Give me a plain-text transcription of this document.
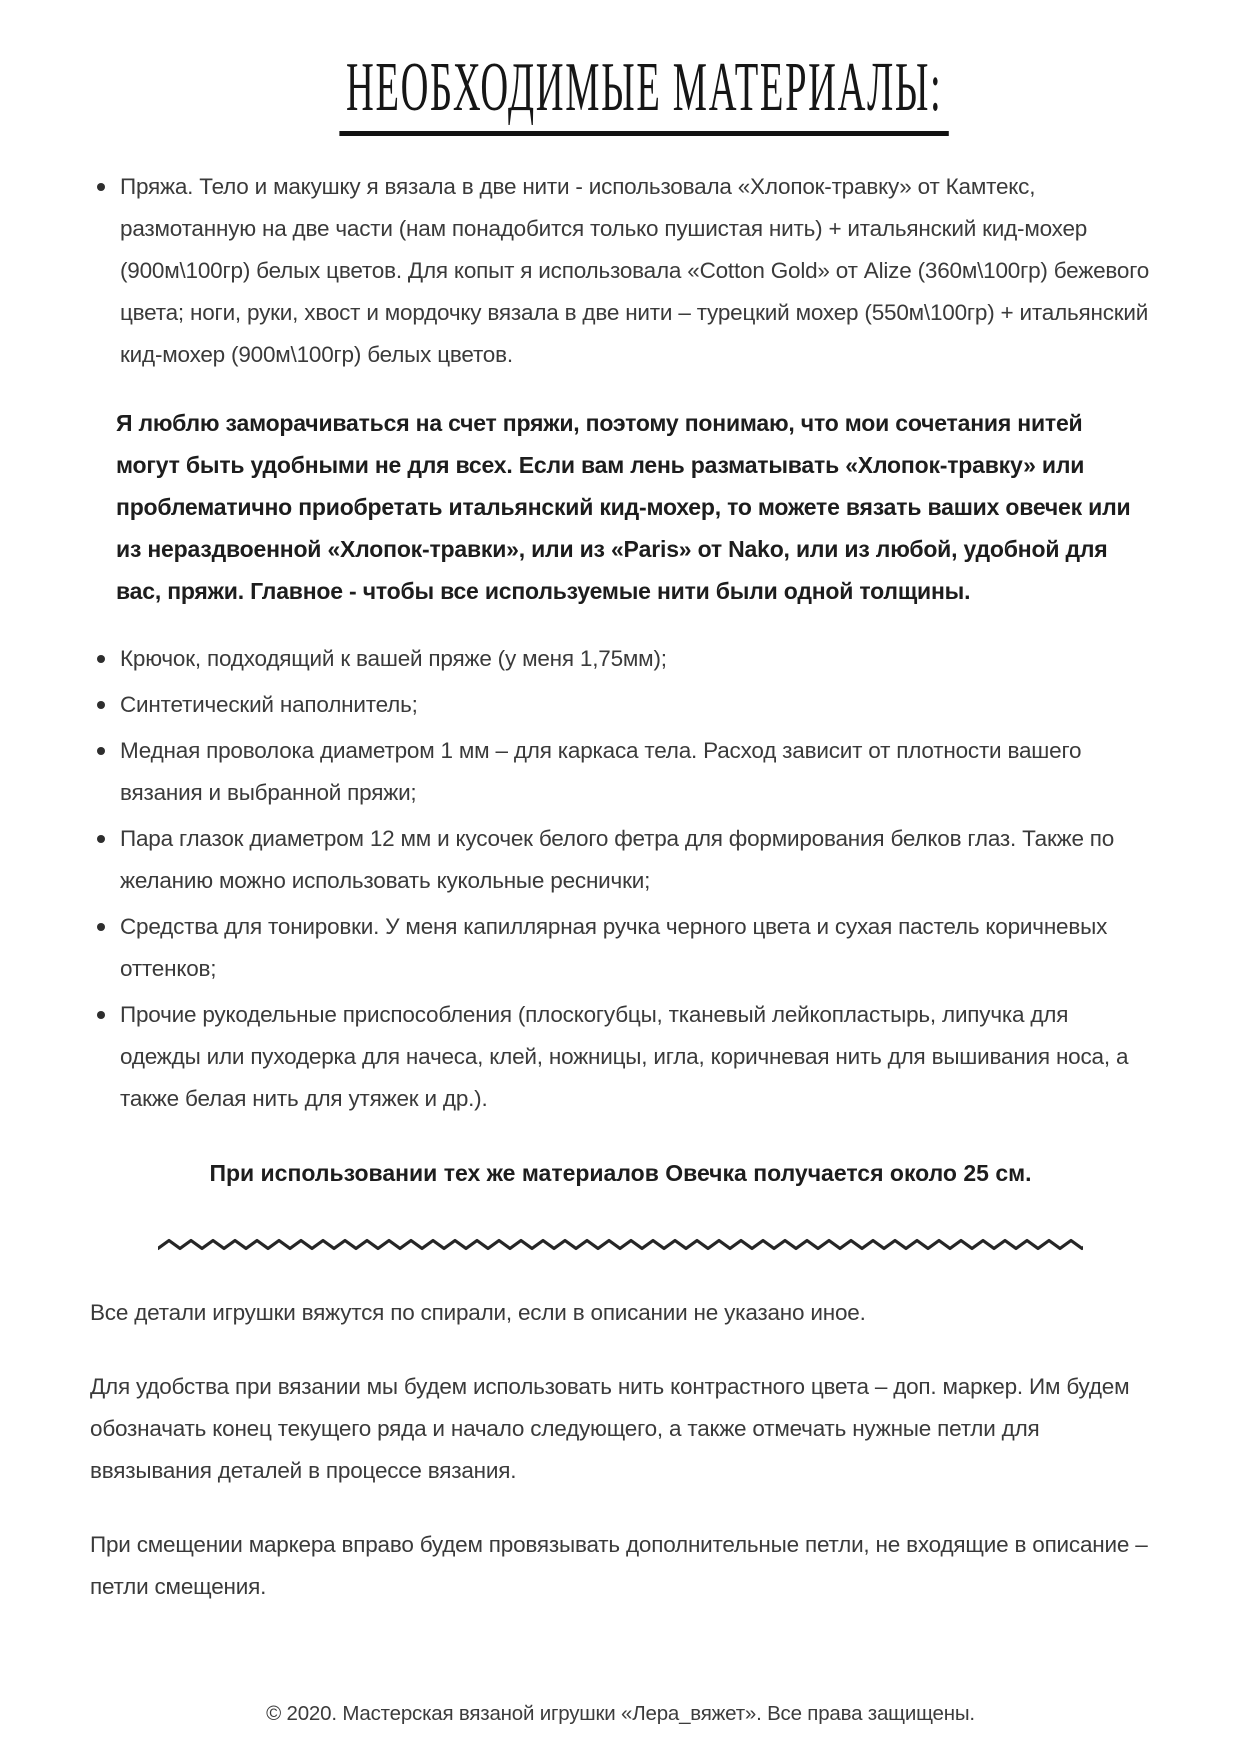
НЕОБХОДИМЫЕ МАТЕРИАЛЫ:
Пряжа. Тело и макушку я вязала в две нити - использовала «Хлопок-травку» от Камтекс, размотанную на две части (нам понадобится только пушистая нить) + итальянский кид-мохер (900м\100гр) белых цветов. Для копыт я использовала «Cotton Gold» от Alize (360м\100гр) бежевого цвета; ноги, руки, хвост и мордочку вязала в две нити – турецкий мохер (550м\100гр) + итальянский кид-мохер (900м\100гр) белых цветов.

Я люблю заморачиваться на счет пряжи, поэтому понимаю, что мои сочетания нитей могут быть удобными не для всех. Если вам лень разматывать «Хлопок-травку» или проблематично приобретать итальянский кид-мохер, то можете вязать ваших овечек или из нераздвоенной «Хлопок-травки», или из «Paris» от Nako, или из любой, удобной для вас, пряжи. Главное - чтобы все используемые нити были одной толщины.

Крючок, подходящий к вашей пряже (у меня 1,75мм);
Синтетический наполнитель;
Медная проволока диаметром 1 мм – для каркаса тела. Расход зависит от плотности вашего вязания и выбранной пряжи;
Пара глазок диаметром 12 мм и кусочек белого фетра для формирования белков глаз. Также по желанию можно использовать кукольные реснички;
Средства для тонировки. У меня капиллярная ручка черного цвета и сухая пастель коричневых оттенков;
Прочие рукодельные приспособления (плоскогубцы, тканевый лейкопластырь, липучка для одежды или пуходерка для начеса, клей, ножницы, игла, коричневая нить для вышивания носа, а также белая нить для утяжек и др.).

При использовании тех же материалов Овечка получается около 25 см.

Все детали игрушки вяжутся по спирали, если в описании не указано иное.

Для удобства при вязании мы будем использовать нить контрастного цвета – доп. маркер. Им будем обозначать конец текущего ряда и начало следующего, а также отмечать нужные петли для ввязывания деталей в процессе вязания.

При смещении маркера вправо будем провязывать дополнительные петли, не входящие в описание – петли смещения.

© 2020. Мастерская вязаной игрушки «Лера_вяжет». Все права защищены.
